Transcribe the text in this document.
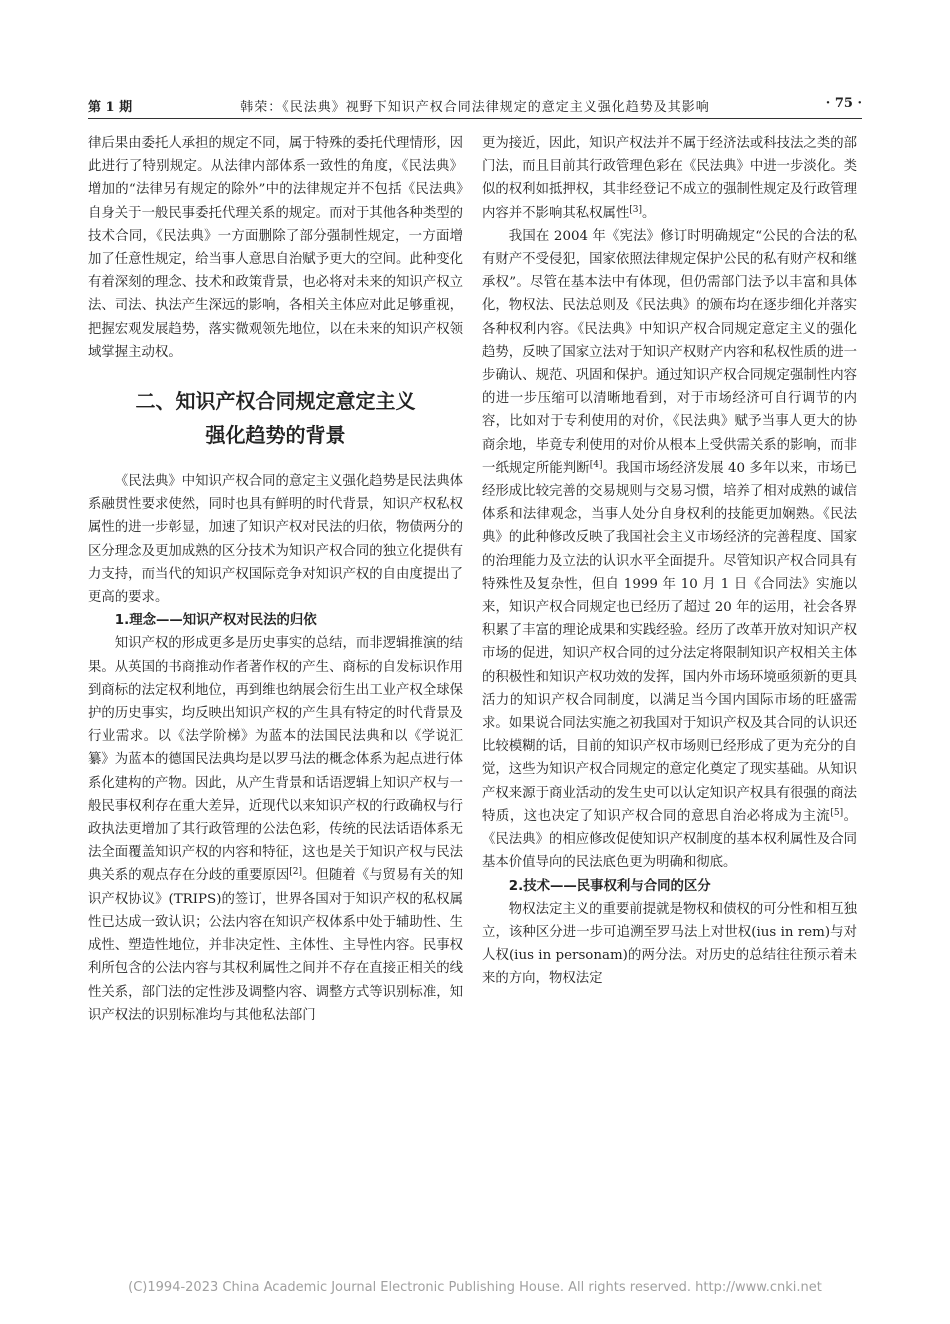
第 1 期	韩荣：《民法典》视野下知识产权合同法律规定的意定主义强化趋势及其影响	· 75 ·

律后果由委托人承担的规定不同，属于特殊的委托代理情形，因此进行了特别规定。从法律内部体系一致性的角度，《民法典》增加的“法律另有规定的除外”中的法律规定并不包括《民法典》自身关于一般民事委托代理关系的规定。而对于其他各种类型的技术合同，《民法典》一方面删除了部分强制性规定，一方面增加了任意性规定，给当事人意思自治赋予更大的空间。此种变化有着深刻的理念、技术和政策背景，也必将对未来的知识产权立法、司法、执法产生深远的影响，各相关主体应对此足够重视，把握宏观发展趋势，落实微观领先地位，以在未来的知识产权领域掌握主动权。

二、知识产权合同规定意定主义
强化趋势的背景

《民法典》中知识产权合同的意定主义强化趋势是民法典体系融贯性要求使然，同时也具有鲜明的时代背景，知识产权私权属性的进一步彰显，加速了知识产权对民法的归依，物债两分的区分理念及更加成熟的区分技术为知识产权合同的独立化提供有力支持，而当代的知识产权国际竞争对知识产权的自由度提出了更高的要求。

1.理念——知识产权对民法的归依

知识产权的形成更多是历史事实的总结，而非逻辑推演的结果。从英国的书商推动作者著作权的产生、商标的自发标识作用到商标的法定权利地位，再到维也纳展会衍生出工业产权全球保护的历史事实，均反映出知识产权的产生具有特定的时代背景及行业需求。以《法学阶梯》为蓝本的法国民法典和以《学说汇纂》为蓝本的德国民法典均是以罗马法的概念体系为起点进行体系化建构的产物。因此，从产生背景和话语逻辑上知识产权与一般民事权利存在重大差异，近现代以来知识产权的行政确权与行政执法更增加了其行政管理的公法色彩，传统的民法话语体系无法全面覆盖知识产权的内容和特征，这也是关于知识产权与民法典关系的观点存在分歧的重要原因[2]。但随着《与贸易有关的知识产权协议》(TRIPS)的签订，世界各国对于知识产权的私权属性已达成一致认识；公法内容在知识产权体系中处于辅助性、生成性、塑造性地位，并非决定性、主体性、主导性内容。民事权利所包含的公法内容与其权利属性之间并不存在直接正相关的线性关系，部门法的定性涉及调整内容、调整方式等识别标准，知识产权法的识别标准均与其他私法部门

更为接近，因此，知识产权法并不属于经济法或科技法之类的部门法，而且目前其行政管理色彩在《民法典》中进一步淡化。类似的权利如抵押权，其非经登记不成立的强制性规定及行政管理内容并不影响其私权属性[3]。

我国在 2004 年《宪法》修订时明确规定“公民的合法的私有财产不受侵犯，国家依照法律规定保护公民的私有财产权和继承权”。尽管在基本法中有体现，但仍需部门法予以丰富和具体化，物权法、民法总则及《民法典》的颁布均在逐步细化并落实各种权利内容。《民法典》中知识产权合同规定意定主义的强化趋势，反映了国家立法对于知识产权财产内容和私权性质的进一步确认、规范、巩固和保护。通过知识产权合同规定强制性内容的进一步压缩可以清晰地看到，对于市场经济可自行调节的内容，比如对于专利使用的对价，《民法典》赋予当事人更大的协商余地，毕竟专利使用的对价从根本上受供需关系的影响，而非一纸规定所能判断[4]。我国市场经济发展 40 多年以来，市场已经形成比较完善的交易规则与交易习惯，培养了相对成熟的诚信体系和法律观念，当事人处分自身权利的技能更加娴熟。《民法典》的此种修改反映了我国社会主义市场经济的完善程度、国家的治理能力及立法的认识水平全面提升。尽管知识产权合同具有特殊性及复杂性，但自 1999 年 10 月 1 日《合同法》实施以来，知识产权合同规定也已经历了超过 20 年的运用，社会各界积累了丰富的理论成果和实践经验。经历了改革开放对知识产权市场的促进，知识产权合同的过分法定将限制知识产权相关主体的积极性和知识产权功效的发挥，国内外市场环境亟须新的更具活力的知识产权合同制度，以满足当今国内国际市场的旺盛需求。如果说合同法实施之初我国对于知识产权及其合同的认识还比较模糊的话，目前的知识产权市场则已经形成了更为充分的自觉，这些为知识产权合同规定的意定化奠定了现实基础。从知识产权来源于商业活动的发生史可以认定知识产权具有很强的商法特质，这也决定了知识产权合同的意思自治必将成为主流[5]。《民法典》的相应修改促使知识产权制度的基本权利属性及合同基本价值导向的民法底色更为明确和彻底。

2.技术——民事权利与合同的区分

物权法定主义的重要前提就是物权和债权的可分性和相互独立，该种区分进一步可追溯至罗马法上对世权(ius in rem)与对人权(ius in personam)的两分法。对历史的总结往往预示着未来的方向，物权法定

(C)1994-2023 China Academic Journal Electronic Publishing House. All rights reserved. http://www.cnki.net
